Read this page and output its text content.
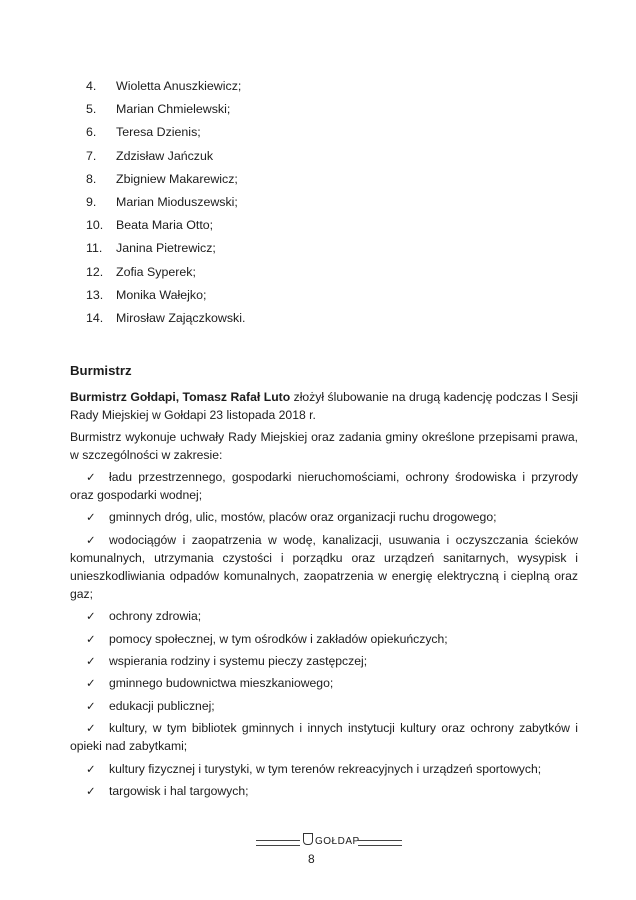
4. Wioletta Anuszkiewicz;
5. Marian Chmielewski;
6. Teresa Dzienis;
7. Zdzisław Jańczuk
8. Zbigniew Makarewicz;
9. Marian Mioduszewski;
10. Beata Maria Otto;
11. Janina Pietrewicz;
12. Zofia Syperek;
13. Monika Wałejko;
14. Mirosław Zajączkowski.
Burmistrz

Burmistrz Gołdapi, Tomasz Rafał Luto złożył ślubowanie na drugą kadencję podczas I Sesji Rady Miejskiej w Gołdapi 23 listopada 2018 r.

Burmistrz wykonuje uchwały Rady Miejskiej oraz zadania gminy określone przepisami prawa, w szczególności w zakresie:

✓ ładu przestrzennego, gospodarki nieruchomościami, ochrony środowiska i przyrody oraz gospodarki wodnej;
✓ gminnych dróg, ulic, mostów, placów oraz organizacji ruchu drogowego;
✓ wodociągów i zaopatrzenia w wodę, kanalizacji, usuwania i oczyszczania ścieków komunalnych, utrzymania czystości i porządku oraz urządzeń sanitarnych, wysypisk i unieszkodliwiania odpadów komunalnych, zaopatrzenia w energię elektryczną i cieplną oraz gaz;
✓ ochrony zdrowia;
✓ pomocy społecznej, w tym ośrodków i zakładów opiekuńczych;
✓ wspierania rodziny i systemu pieczy zastępczej;
✓ gminnego budownictwa mieszkaniowego;
✓ edukacji publicznej;
✓ kultury, w tym bibliotek gminnych i innych instytucji kultury oraz ochrony zabytków i opieki nad zabytkami;
✓ kultury fizycznej i turystyki, w tym terenów rekreacyjnych i urządzeń sportowych;
✓ targowisk i hal targowych;
GOŁDAP
8
